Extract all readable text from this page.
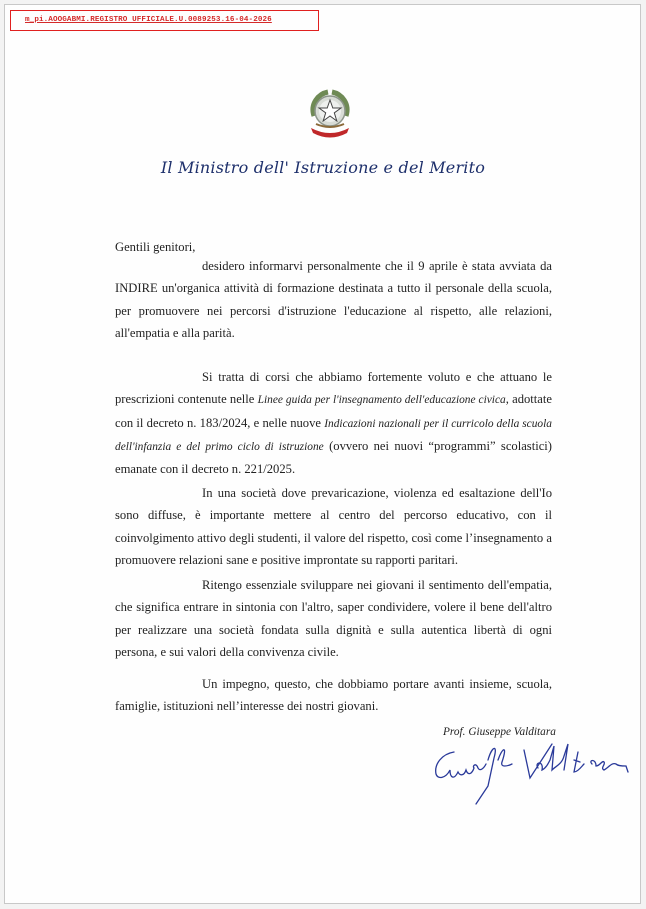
m_pi.AOOGABMI.REGISTRO UFFICIALE.U.0089253.16-04-2026
Il Ministro dell' Istruzione e del Merito
Gentili genitori,

desidero informarvi personalmente che il 9 aprile è stata avviata da INDIRE un'organica attività di formazione destinata a tutto il personale della scuola, per promuovere nei percorsi d'istruzione l'educazione al rispetto, alle relazioni, all'empatia e alla parità.

Si tratta di corsi che abbiamo fortemente voluto e che attuano le prescrizioni contenute nelle Linee guida per l'insegnamento dell'educazione civica, adottate con il decreto n. 183/2024, e nelle nuove Indicazioni nazionali per il curricolo della scuola dell'infanzia e del primo ciclo di istruzione (ovvero nei nuovi “programmi” scolastici) emanate con il decreto n. 221/2025.

In una società dove prevaricazione, violenza ed esaltazione dell'Io sono diffuse, è importante mettere al centro del percorso educativo, con il coinvolgimento attivo degli studenti, il valore del rispetto, così come l’insegnamento a promuovere relazioni sane e positive improntate su rapporti paritari.

Ritengo essenziale sviluppare nei giovani il sentimento dell'empatia, che significa entrare in sintonia con l'altro, saper condividere, volere il bene dell'altro per realizzare una società fondata sulla dignità e sulla autentica libertà di ogni persona, e sui valori della convivenza civile.

Un impegno, questo, che dobbiamo portare avanti insieme, scuola, famiglie, istituzioni nell’interesse dei nostri giovani.

Prof. Giuseppe Valditara
